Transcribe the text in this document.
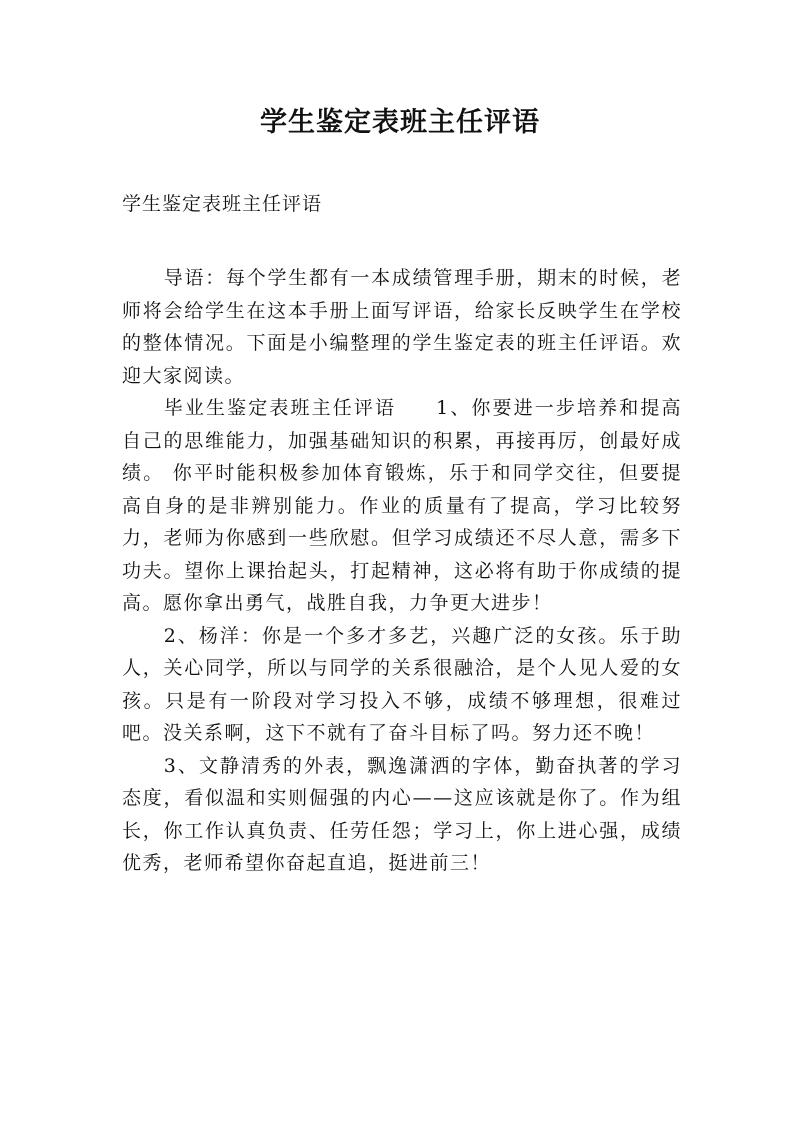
学生鉴定表班主任评语
学生鉴定表班主任评语

导语：每个学生都有一本成绩管理手册，期末的时候，老师将会给学生在这本手册上面写评语，给家长反映学生在学校的整体情况。下面是小编整理的学生鉴定表的班主任评语。欢迎大家阅读。

毕业生鉴定表班主任评语 1、你要进一步培养和提高自己的思维能力，加强基础知识的积累，再接再厉，创最好成绩。 你平时能积极参加体育锻炼，乐于和同学交往，但要提高自身的是非辨别能力。作业的质量有了提高，学习比较努力，老师为你感到一些欣慰。但学习成绩还不尽人意，需多下功夫。望你上课抬起头，打起精神，这必将有助于你成绩的提高。愿你拿出勇气，战胜自我，力争更大进步！

2、杨洋：你是一个多才多艺，兴趣广泛的女孩。乐于助人，关心同学，所以与同学的关系很融洽，是个人见人爱的女孩。只是有一阶段对学习投入不够，成绩不够理想，很难过吧。没关系啊，这下不就有了奋斗目标了吗。努力还不晚！

3、文静清秀的外表，飘逸潇洒的字体，勤奋执著的学习态度，看似温和实则倔强的内心——这应该就是你了。作为组长，你工作认真负责、任劳任怨；学习上，你上进心强，成绩优秀，老师希望你奋起直追，挺进前三！
